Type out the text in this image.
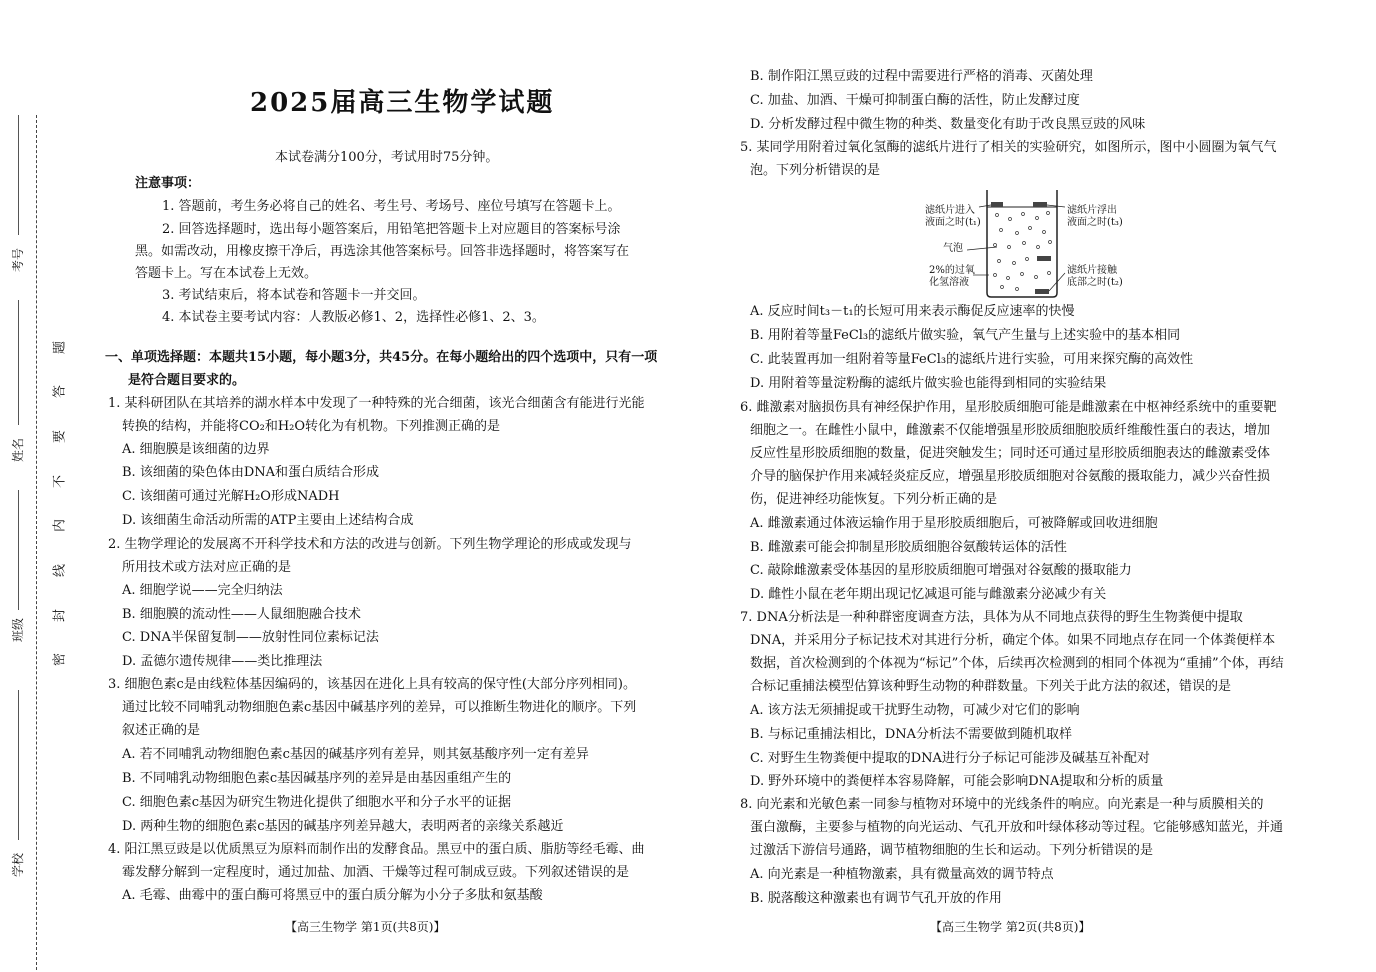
考号
姓名
班级
学校
题
答
要
不
内
线
封
密
2025届高三生物学试题
本试卷满分100分，考试用时75分钟。
注意事项：
1. 答题前，考生务必将自己的姓名、考生号、考场号、座位号填写在答题卡上。
2. 回答选择题时，选出每小题答案后，用铅笔把答题卡上对应题目的答案标号涂
黑。如需改动，用橡皮擦干净后，再选涂其他答案标号。回答非选择题时，将答案写在
答题卡上。写在本试卷上无效。
3. 考试结束后，将本试卷和答题卡一并交回。
4. 本试卷主要考试内容：人教版必修1、2，选择性必修1、2、3。
一、单项选择题：本题共15小题，每小题3分，共45分。在每小题给出的四个选项中，只有一项
是符合题目要求的。
1. 某科研团队在其培养的湖水样本中发现了一种特殊的光合细菌，该光合细菌含有能进行光能
转换的结构，并能将CO₂和H₂O转化为有机物。下列推测正确的是
A. 细胞膜是该细菌的边界
B. 该细菌的染色体由DNA和蛋白质结合形成
C. 该细菌可通过光解H₂O形成NADH
D. 该细菌生命活动所需的ATP主要由上述结构合成
2. 生物学理论的发展离不开科学技术和方法的改进与创新。下列生物学理论的形成或发现与
所用技术或方法对应正确的是
A. 细胞学说——完全归纳法
B. 细胞膜的流动性——人鼠细胞融合技术
C. DNA半保留复制——放射性同位素标记法
D. 孟德尔遗传规律——类比推理法
3. 细胞色素c是由线粒体基因编码的，该基因在进化上具有较高的保守性(大部分序列相同)。
通过比较不同哺乳动物细胞色素c基因中碱基序列的差异，可以推断生物进化的顺序。下列
叙述正确的是
A. 若不同哺乳动物细胞色素c基因的碱基序列有差异，则其氨基酸序列一定有差异
B. 不同哺乳动物细胞色素c基因碱基序列的差异是由基因重组产生的
C. 细胞色素c基因为研究生物进化提供了细胞水平和分子水平的证据
D. 两种生物的细胞色素c基因的碱基序列差异越大，表明两者的亲缘关系越近
4. 阳江黑豆豉是以优质黑豆为原料而制作出的发酵食品。黑豆中的蛋白质、脂肪等经毛霉、曲
霉发酵分解到一定程度时，通过加盐、加酒、干燥等过程可制成豆豉。下列叙述错误的是
A. 毛霉、曲霉中的蛋白酶可将黑豆中的蛋白质分解为小分子多肽和氨基酸
【高三生物学 第1页(共8页)】
B. 制作阳江黑豆豉的过程中需要进行严格的消毒、灭菌处理
C. 加盐、加酒、干燥可抑制蛋白酶的活性，防止发酵过度
D. 分析发酵过程中微生物的种类、数量变化有助于改良黑豆豉的风味
5. 某同学用附着过氧化氢酶的滤纸片进行了相关的实验研究，如图所示，图中小圆圈为氧气气
泡。下列分析错误的是
滤纸片进入
液面之时(t₁)
气泡
2%的过氧
化氢溶液
滤纸片浮出
液面之时(t₃)
滤纸片接触
底部之时(t₂)
A. 反应时间t₃－t₁的长短可用来表示酶促反应速率的快慢
B. 用附着等量FeCl₃的滤纸片做实验，氧气产生量与上述实验中的基本相同
C. 此装置再加一组附着等量FeCl₃的滤纸片进行实验，可用来探究酶的高效性
D. 用附着等量淀粉酶的滤纸片做实验也能得到相同的实验结果
6. 雌激素对脑损伤具有神经保护作用，星形胶质细胞可能是雌激素在中枢神经系统中的重要靶
细胞之一。在雌性小鼠中，雌激素不仅能增强星形胶质细胞胶质纤维酸性蛋白的表达，增加
反应性星形胶质细胞的数量，促进突触发生；同时还可通过星形胶质细胞表达的雌激素受体
介导的脑保护作用来减轻炎症反应，增强星形胶质细胞对谷氨酸的摄取能力，减少兴奋性损
伤，促进神经功能恢复。下列分析正确的是
A. 雌激素通过体液运输作用于星形胶质细胞后，可被降解或回收进细胞
B. 雌激素可能会抑制星形胶质细胞谷氨酸转运体的活性
C. 敲除雌激素受体基因的星形胶质细胞可增强对谷氨酸的摄取能力
D. 雌性小鼠在老年期出现记忆减退可能与雌激素分泌减少有关
7. DNA分析法是一种种群密度调查方法，具体为从不同地点获得的野生生物粪便中提取
DNA，并采用分子标记技术对其进行分析，确定个体。如果不同地点存在同一个体粪便样本
数据，首次检测到的个体视为“标记”个体，后续再次检测到的相同个体视为“重捕”个体，再结
合标记重捕法模型估算该种野生动物的种群数量。下列关于此方法的叙述，错误的是
A. 该方法无须捕捉或干扰野生动物，可减少对它们的影响
B. 与标记重捕法相比，DNA分析法不需要做到随机取样
C. 对野生生物粪便中提取的DNA进行分子标记可能涉及碱基互补配对
D. 野外环境中的粪便样本容易降解，可能会影响DNA提取和分析的质量
8. 向光素和光敏色素一同参与植物对环境中的光线条件的响应。向光素是一种与质膜相关的
蛋白激酶，主要参与植物的向光运动、气孔开放和叶绿体移动等过程。它能够感知蓝光，并通
过激活下游信号通路，调节植物细胞的生长和运动。下列分析错误的是
A. 向光素是一种植物激素，具有微量高效的调节特点
B. 脱落酸这种激素也有调节气孔开放的作用
【高三生物学 第2页(共8页)】
